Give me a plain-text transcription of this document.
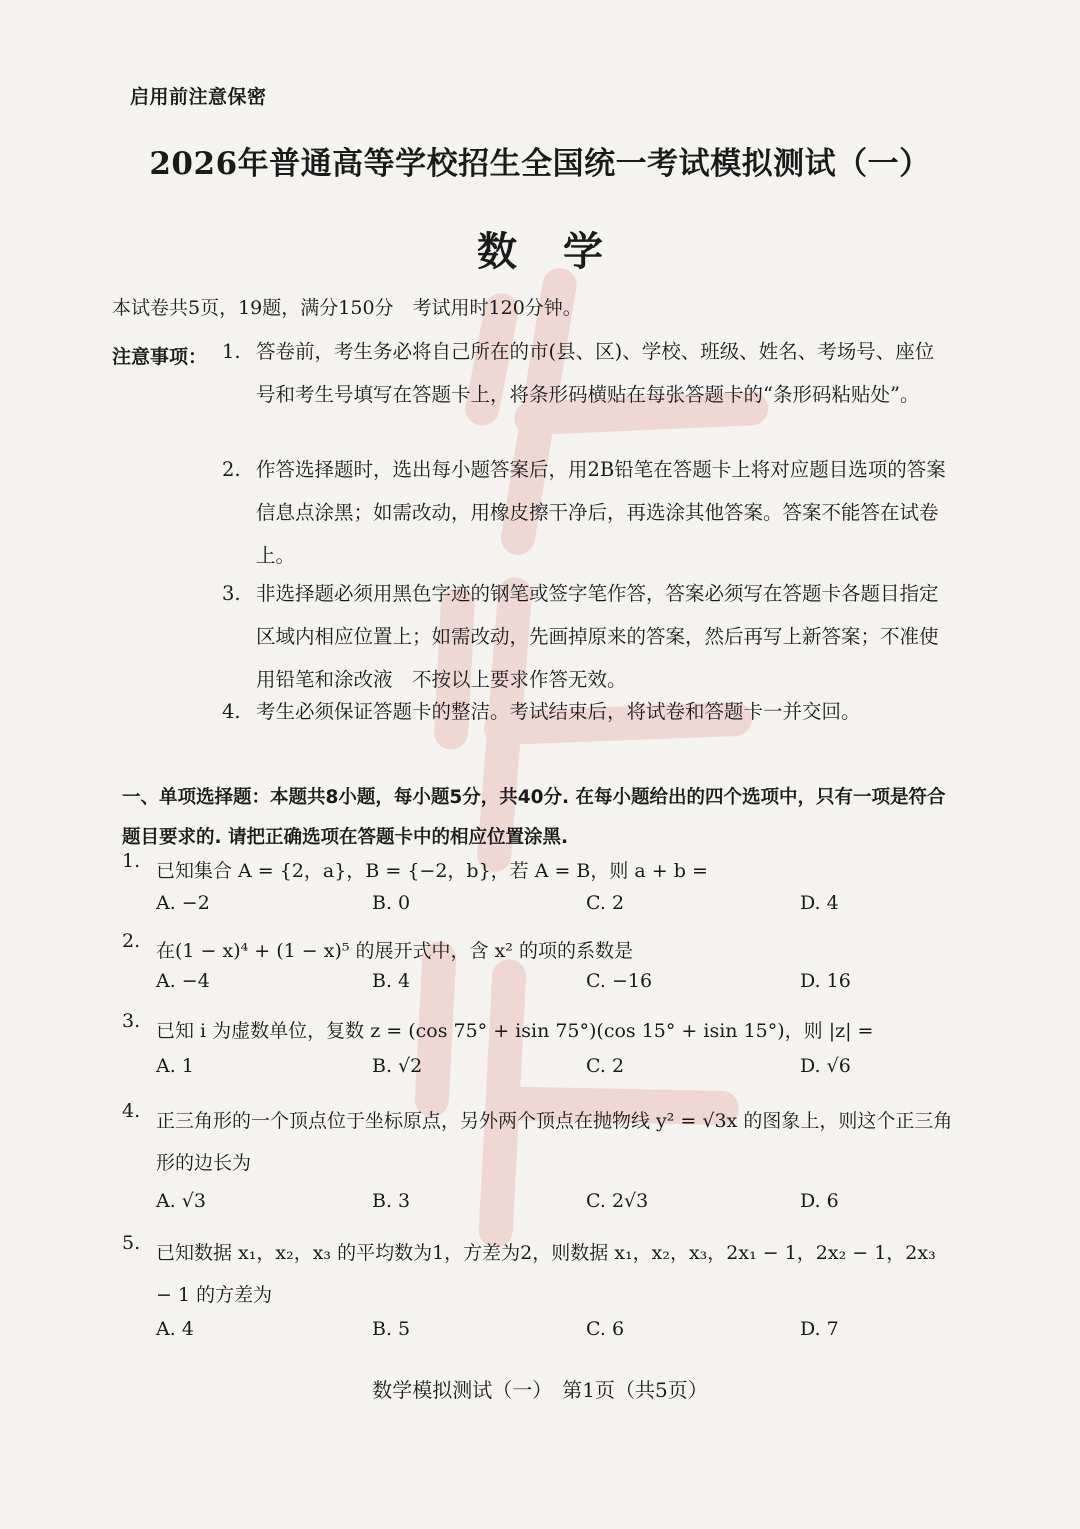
启用前注意保密
2026年普通高等学校招生全国统一考试模拟测试（一）
数学
本试卷共5页，19题，满分150分　考试用时120分钟。
注意事项： 1. 答卷前，考生务必将自己所在的市(县、区)、学校、班级、姓名、考场号、座位号和考生号填写在答题卡上，将条形码横贴在每张答题卡的“条形码粘贴处”。
2. 作答选择题时，选出每小题答案后，用2B铅笔在答题卡上将对应题目选项的答案信息点涂黑；如需改动，用橡皮擦干净后，再选涂其他答案。答案不能答在试卷上。
3. 非选择题必须用黑色字迹的钢笔或签字笔作答，答案必须写在答题卡各题目指定区域内相应位置上；如需改动，先画掉原来的答案，然后再写上新答案；不准使用铅笔和涂改液　不按以上要求作答无效。
4. 考生必须保证答题卡的整洁。考试结束后，将试卷和答题卡一并交回。
一、单项选择题：本题共8小题，每小题5分，共40分. 在每小题给出的四个选项中，只有一项是符合题目要求的. 请把正确选项在答题卡中的相应位置涂黑.
1. 已知集合 A = {2，a}，B = {−2，b}，若 A = B，则 a + b =
A. −2	B. 0	C. 2	D. 4
2. 在(1 − x)⁴ + (1 − x)⁵ 的展开式中，含 x² 的项的系数是
A. −4	B. 4	C. −16	D. 16
3. 已知 i 为虚数单位，复数 z = (cos 75° + isin 75°)(cos 15° + isin 15°)，则 |z| =
A. 1	B. √2	C. 2	D. √6
4. 正三角形的一个顶点位于坐标原点，另外两个顶点在抛物线 y² = √3x 的图象上，则这个正三角形的边长为
A. √3	B. 3	C. 2√3	D. 6
5. 已知数据 x₁，x₂，x₃ 的平均数为1，方差为2，则数据 x₁，x₂，x₃，2x₁ − 1，2x₂ − 1，2x₃ − 1 的方差为
A. 4	B. 5	C. 6	D. 7
数学模拟测试（一）　第1页（共5页）
